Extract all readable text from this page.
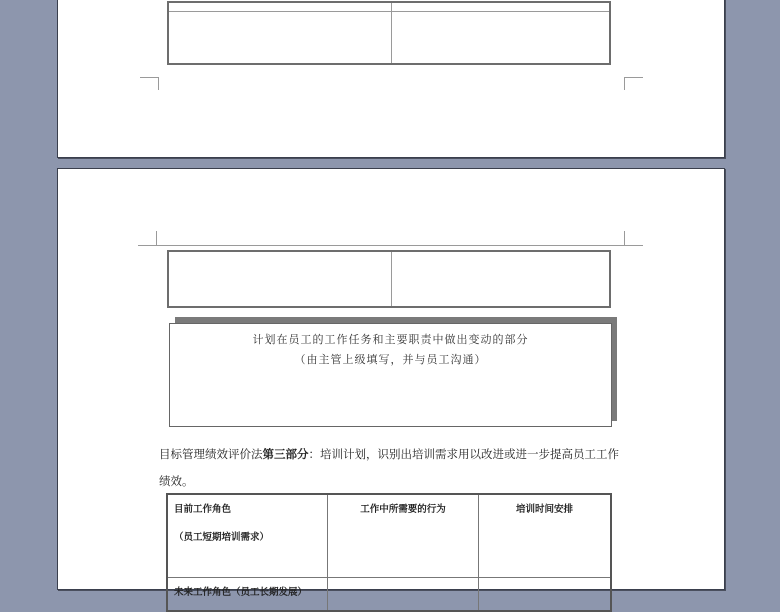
计划在员工的工作任务和主要职责中做出变动的部分
（由主管上级填写，并与员工沟通）
目标管理绩效评价法第三部分：培训计划，识别出培训需求用以改进或进一步提高员工工作
绩效。
目前工作角色
（员工短期培训需求）	工作中所需要的行为	培训时间安排

未来工作角色（员工长期发展）		
